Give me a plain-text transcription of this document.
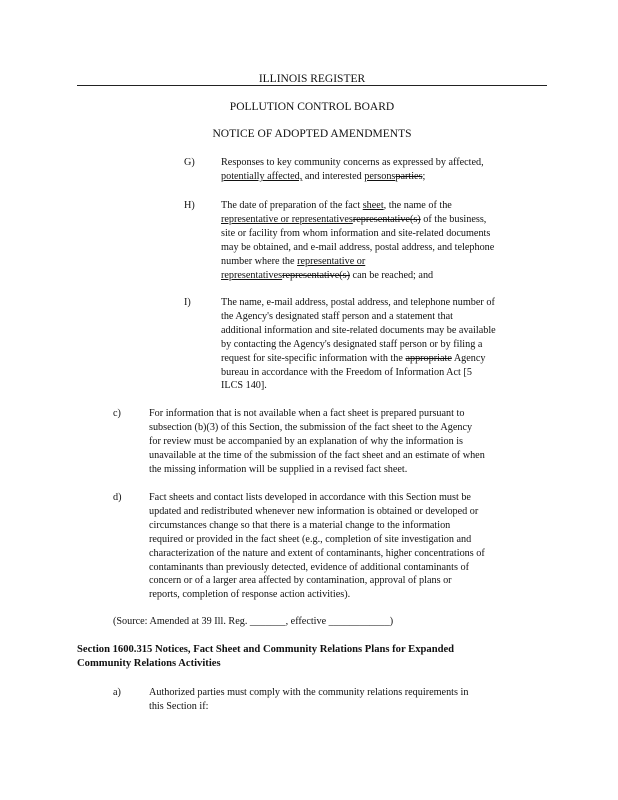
ILLINOIS REGISTER
POLLUTION CONTROL BOARD
NOTICE OF ADOPTED AMENDMENTS
G)	Responses to key community concerns as expressed by affected,
potentially affected, and interested personsparties;
H)	The date of preparation of the fact sheet, the name of the
representative or representativesrepresentative(s) of the business,
site or facility from whom information and site-related documents
may be obtained, and e-mail address, postal address, and telephone
number where the representative or
representativesrepresentative(s) can be reached; and
I)	The name, e-mail address, postal address, and telephone number of
the Agency's designated staff person and a statement that
additional information and site-related documents may be available
by contacting the Agency's designated staff person or by filing a
request for site-specific information with the appropriate Agency
bureau in accordance with the Freedom of Information Act [5
ILCS 140].
c)	For information that is not available when a fact sheet is prepared pursuant to
subsection (b)(3) of this Section, the submission of the fact sheet to the Agency
for review must be accompanied by an explanation of why the information is
unavailable at the time of the submission of the fact sheet and an estimate of when
the missing information will be supplied in a revised fact sheet.
d)	Fact sheets and contact lists developed in accordance with this Section must be
updated and redistributed whenever new information is obtained or developed or
circumstances change so that there is a material change to the information
required or provided in the fact sheet (e.g., completion of site investigation and
characterization of the nature and extent of contaminants, higher concentrations of
contaminants than previously detected, evidence of additional contaminants of
concern or of a larger area affected by contamination, approval of plans or
reports, completion of response action activities).
(Source: Amended at 39 Ill. Reg. _______, effective ____________)
Section 1600.315 Notices, Fact Sheet and Community Relations Plans for Expanded
Community Relations Activities
a)	Authorized parties must comply with the community relations requirements in
this Section if:
